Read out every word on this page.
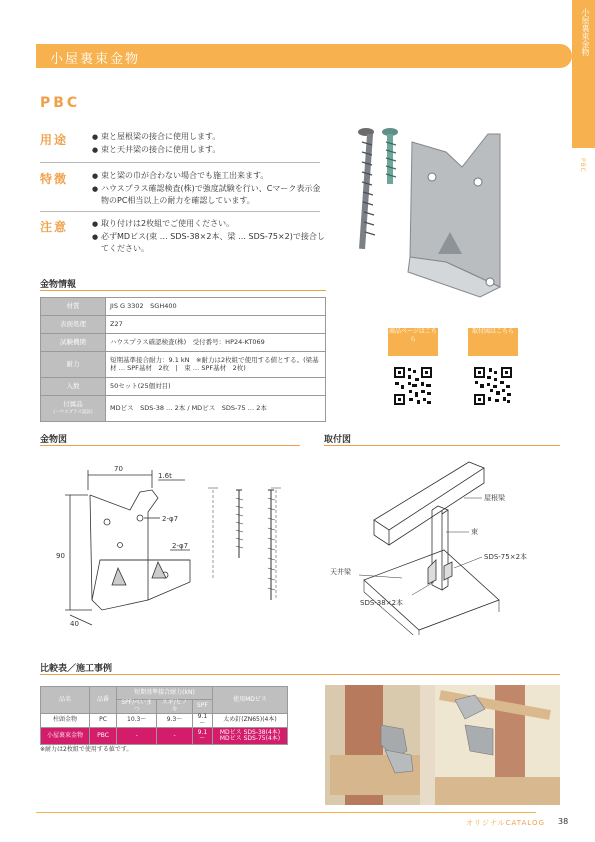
小屋裏束金物
PBC
小屋裏束金物
PBC
用途	● 束と屋根梁の接合に使用します。
● 束と天井梁の接合に使用します。
特徴	● 束と梁の巾が合わない場合でも施工出来ます。
● ハウスプラス確認検査(株)で強度試験を行い、Cマーク表示金物のPC相当以上の耐力を確認しています。
注意	● 取り付けは2枚組でご使用ください。
● 必ずMDビス(束 … SDS-38×2本、梁 … SDS-75×2)で接合してください。
商品ページはこちら
取付図はこちら
金物情報
材質	JIS G 3302　SGH400
表面処理	Z27
試験機関	ハウスプラス確認検査(株)　受付番号：HP24-KT069
耐力	短期基準接合耐力：9.1 kN　※耐力は2枚組で使用する値とする。(梁基材 … SPF基材　2枚　|　束 … SPF基材　2枚)
入数	50セット(25個対目)
付属品
(ハウスプラス認証)	MDビス　SDS-38 … 2本 / MDビス　SDS-75 … 2本
金物図
70
90
40
1.6t
2-φ7
2-φ7
取付図
屋根梁
束
SDS-75×2本
天井梁
SDS-38×2本
比較表／施工事例
品名	品番	短期基準接合耐力(kN)			使用MDビス
		SPF/べいまつ	スギ/ヒノキ	SPF	
柱頭金物	PC	10.3～	9.3～	9.1～	太め釘(ZN65)(4本)
小屋裏束金物	PBC	-	-	9.1～	MDビス SDS-38(4本) MDビス SDS-75(4本)
※耐力は2枚組で使用する値です。
オリジナルCATALOG 38
